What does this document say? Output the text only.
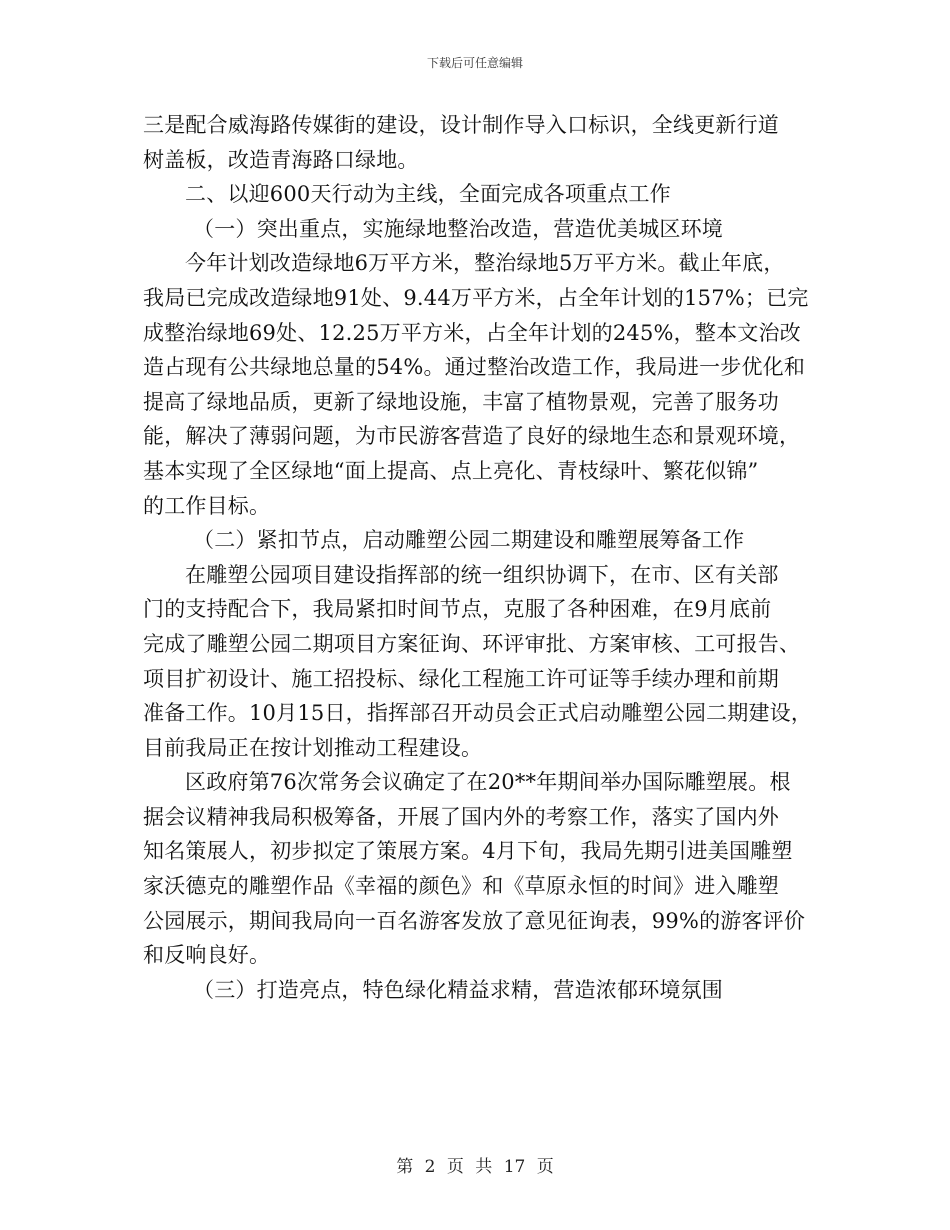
下载后可任意编辑
三是配合威海路传媒街的建设，设计制作导入口标识，全线更新行道
树盖板，改造青海路口绿地。
二、以迎600天行动为主线，全面完成各项重点工作
（一）突出重点，实施绿地整治改造，营造优美城区环境
今年计划改造绿地6万平方米，整治绿地5万平方米。截止年底，
我局已完成改造绿地91处、9.44万平方米，占全年计划的157%；已完
成整治绿地69处、12.25万平方米，占全年计划的245%，整本文治改
造占现有公共绿地总量的54%。通过整治改造工作，我局进一步优化和
提高了绿地品质，更新了绿地设施，丰富了植物景观，完善了服务功
能，解决了薄弱问题，为市民游客营造了良好的绿地生态和景观环境，
基本实现了全区绿地“面上提高、点上亮化、青枝绿叶、繁花似锦”
的工作目标。
（二）紧扣节点，启动雕塑公园二期建设和雕塑展筹备工作
在雕塑公园项目建设指挥部的统一组织协调下，在市、区有关部
门的支持配合下，我局紧扣时间节点，克服了各种困难，在9月底前
完成了雕塑公园二期项目方案征询、环评审批、方案审核、工可报告、
项目扩初设计、施工招投标、绿化工程施工许可证等手续办理和前期
准备工作。10月15日，指挥部召开动员会正式启动雕塑公园二期建设，
目前我局正在按计划推动工程建设。
区政府第76次常务会议确定了在20**年期间举办国际雕塑展。根
据会议精神我局积极筹备，开展了国内外的考察工作，落实了国内外
知名策展人，初步拟定了策展方案。4月下旬，我局先期引进美国雕塑
家沃德克的雕塑作品《幸福的颜色》和《草原永恒的时间》进入雕塑
公园展示，期间我局向一百名游客发放了意见征询表，99%的游客评价
和反响良好。
（三）打造亮点，特色绿化精益求精，营造浓郁环境氛围
第 2 页 共 17 页
